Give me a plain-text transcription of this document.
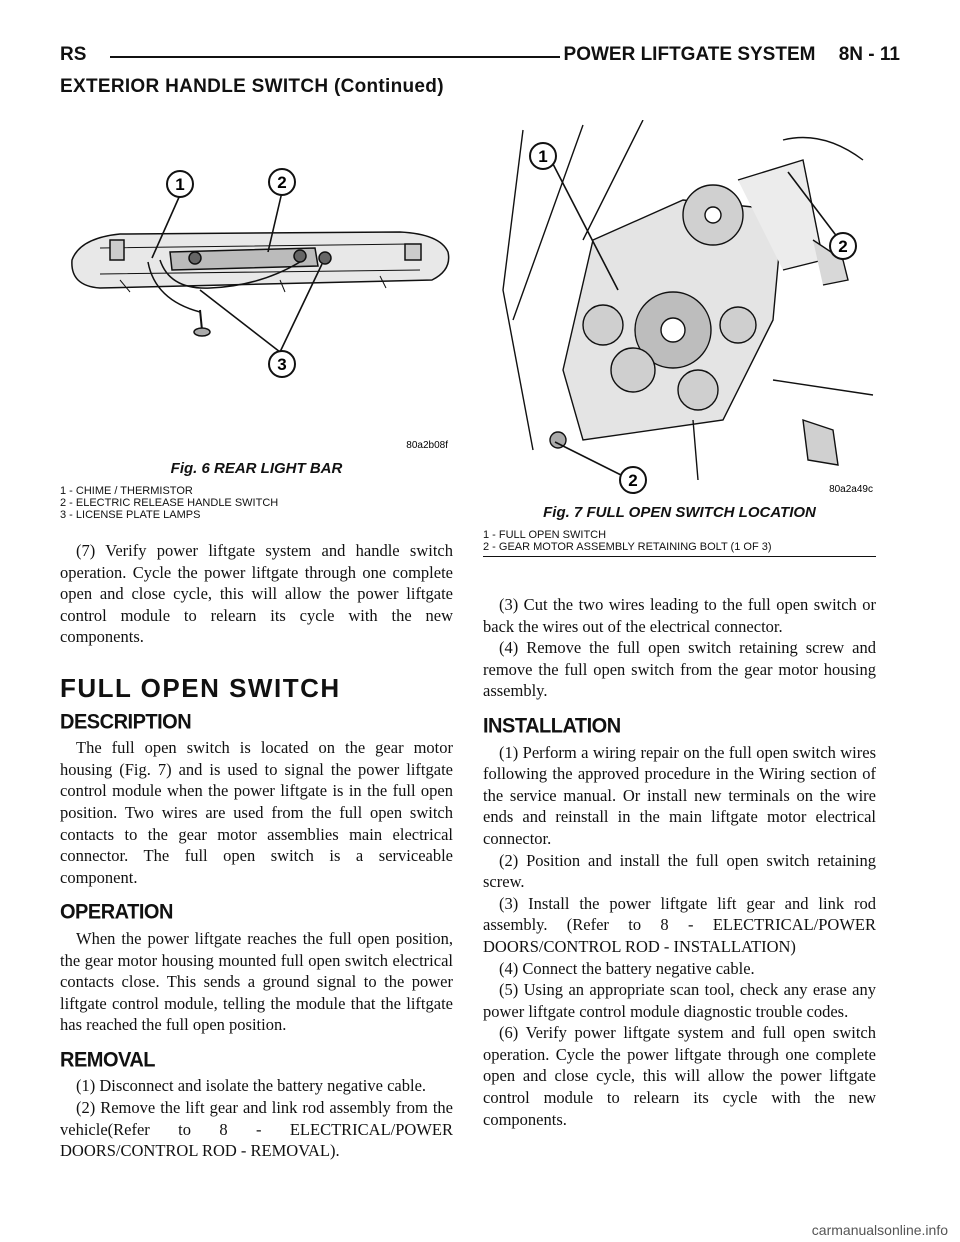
RS	POWER LIFTGATE SYSTEM 8N - 11
EXTERIOR HANDLE SWITCH (Continued)
1	2
3
80a2b08f
Fig. 6 REAR LIGHT BAR
1 - CHIME / THERMISTOR
2 - ELECTRIC RELEASE HANDLE SWITCH
3 - LICENSE PLATE LAMPS
1
2
2	80a2a49c
Fig. 7 FULL OPEN SWITCH LOCATION
1 - FULL OPEN SWITCH
2 - GEAR MOTOR ASSEMBLY RETAINING BOLT (1 OF 3)

(7) Verify power liftgate system and handle switch operation. Cycle the power liftgate through one complete open and close cycle, this will allow the power liftgate control module to relearn its cycle with the new components.

FULL OPEN SWITCH
DESCRIPTION

The full open switch is located on the gear motor housing (Fig. 7) and is used to signal the power liftgate control module when the power liftgate is in the full open position. Two wires are used from the full open switch contacts to the gear motor assemblies main electrical connector. The full open switch is a serviceable component.

OPERATION

When the power liftgate reaches the full open position, the gear motor housing mounted full open switch electrical contacts close. This sends a ground signal to the power liftgate control module, telling the module that the liftgate has reached the full open position.

REMOVAL

(1) Disconnect and isolate the battery negative cable.

(2) Remove the lift gear and link rod assembly from the vehicle(Refer to 8 - ELECTRICAL/POWER DOORS/CONTROL ROD - REMOVAL).

(3) Cut the two wires leading to the full open switch or back the wires out of the electrical connector.

(4) Remove the full open switch retaining screw and remove the full open switch from the gear motor housing assembly.

INSTALLATION

(1) Perform a wiring repair on the full open switch wires following the approved procedure in the Wiring section of the service manual. Or install new terminals on the wire ends and reinstall in the main liftgate motor electrical connector.

(2) Position and install the full open switch retaining screw.

(3) Install the power liftgate lift gear and link rod assembly. (Refer to 8 - ELECTRICAL/POWER DOORS/CONTROL ROD - INSTALLATION)

(4) Connect the battery negative cable.

(5) Using an appropriate scan tool, check any erase any power liftgate control module diagnostic trouble codes.

(6) Verify power liftgate system and full open switch operation. Cycle the power liftgate through one complete open and close cycle, this will allow the power liftgate control module to relearn its cycle with the new components.

carmanualsonline.info
